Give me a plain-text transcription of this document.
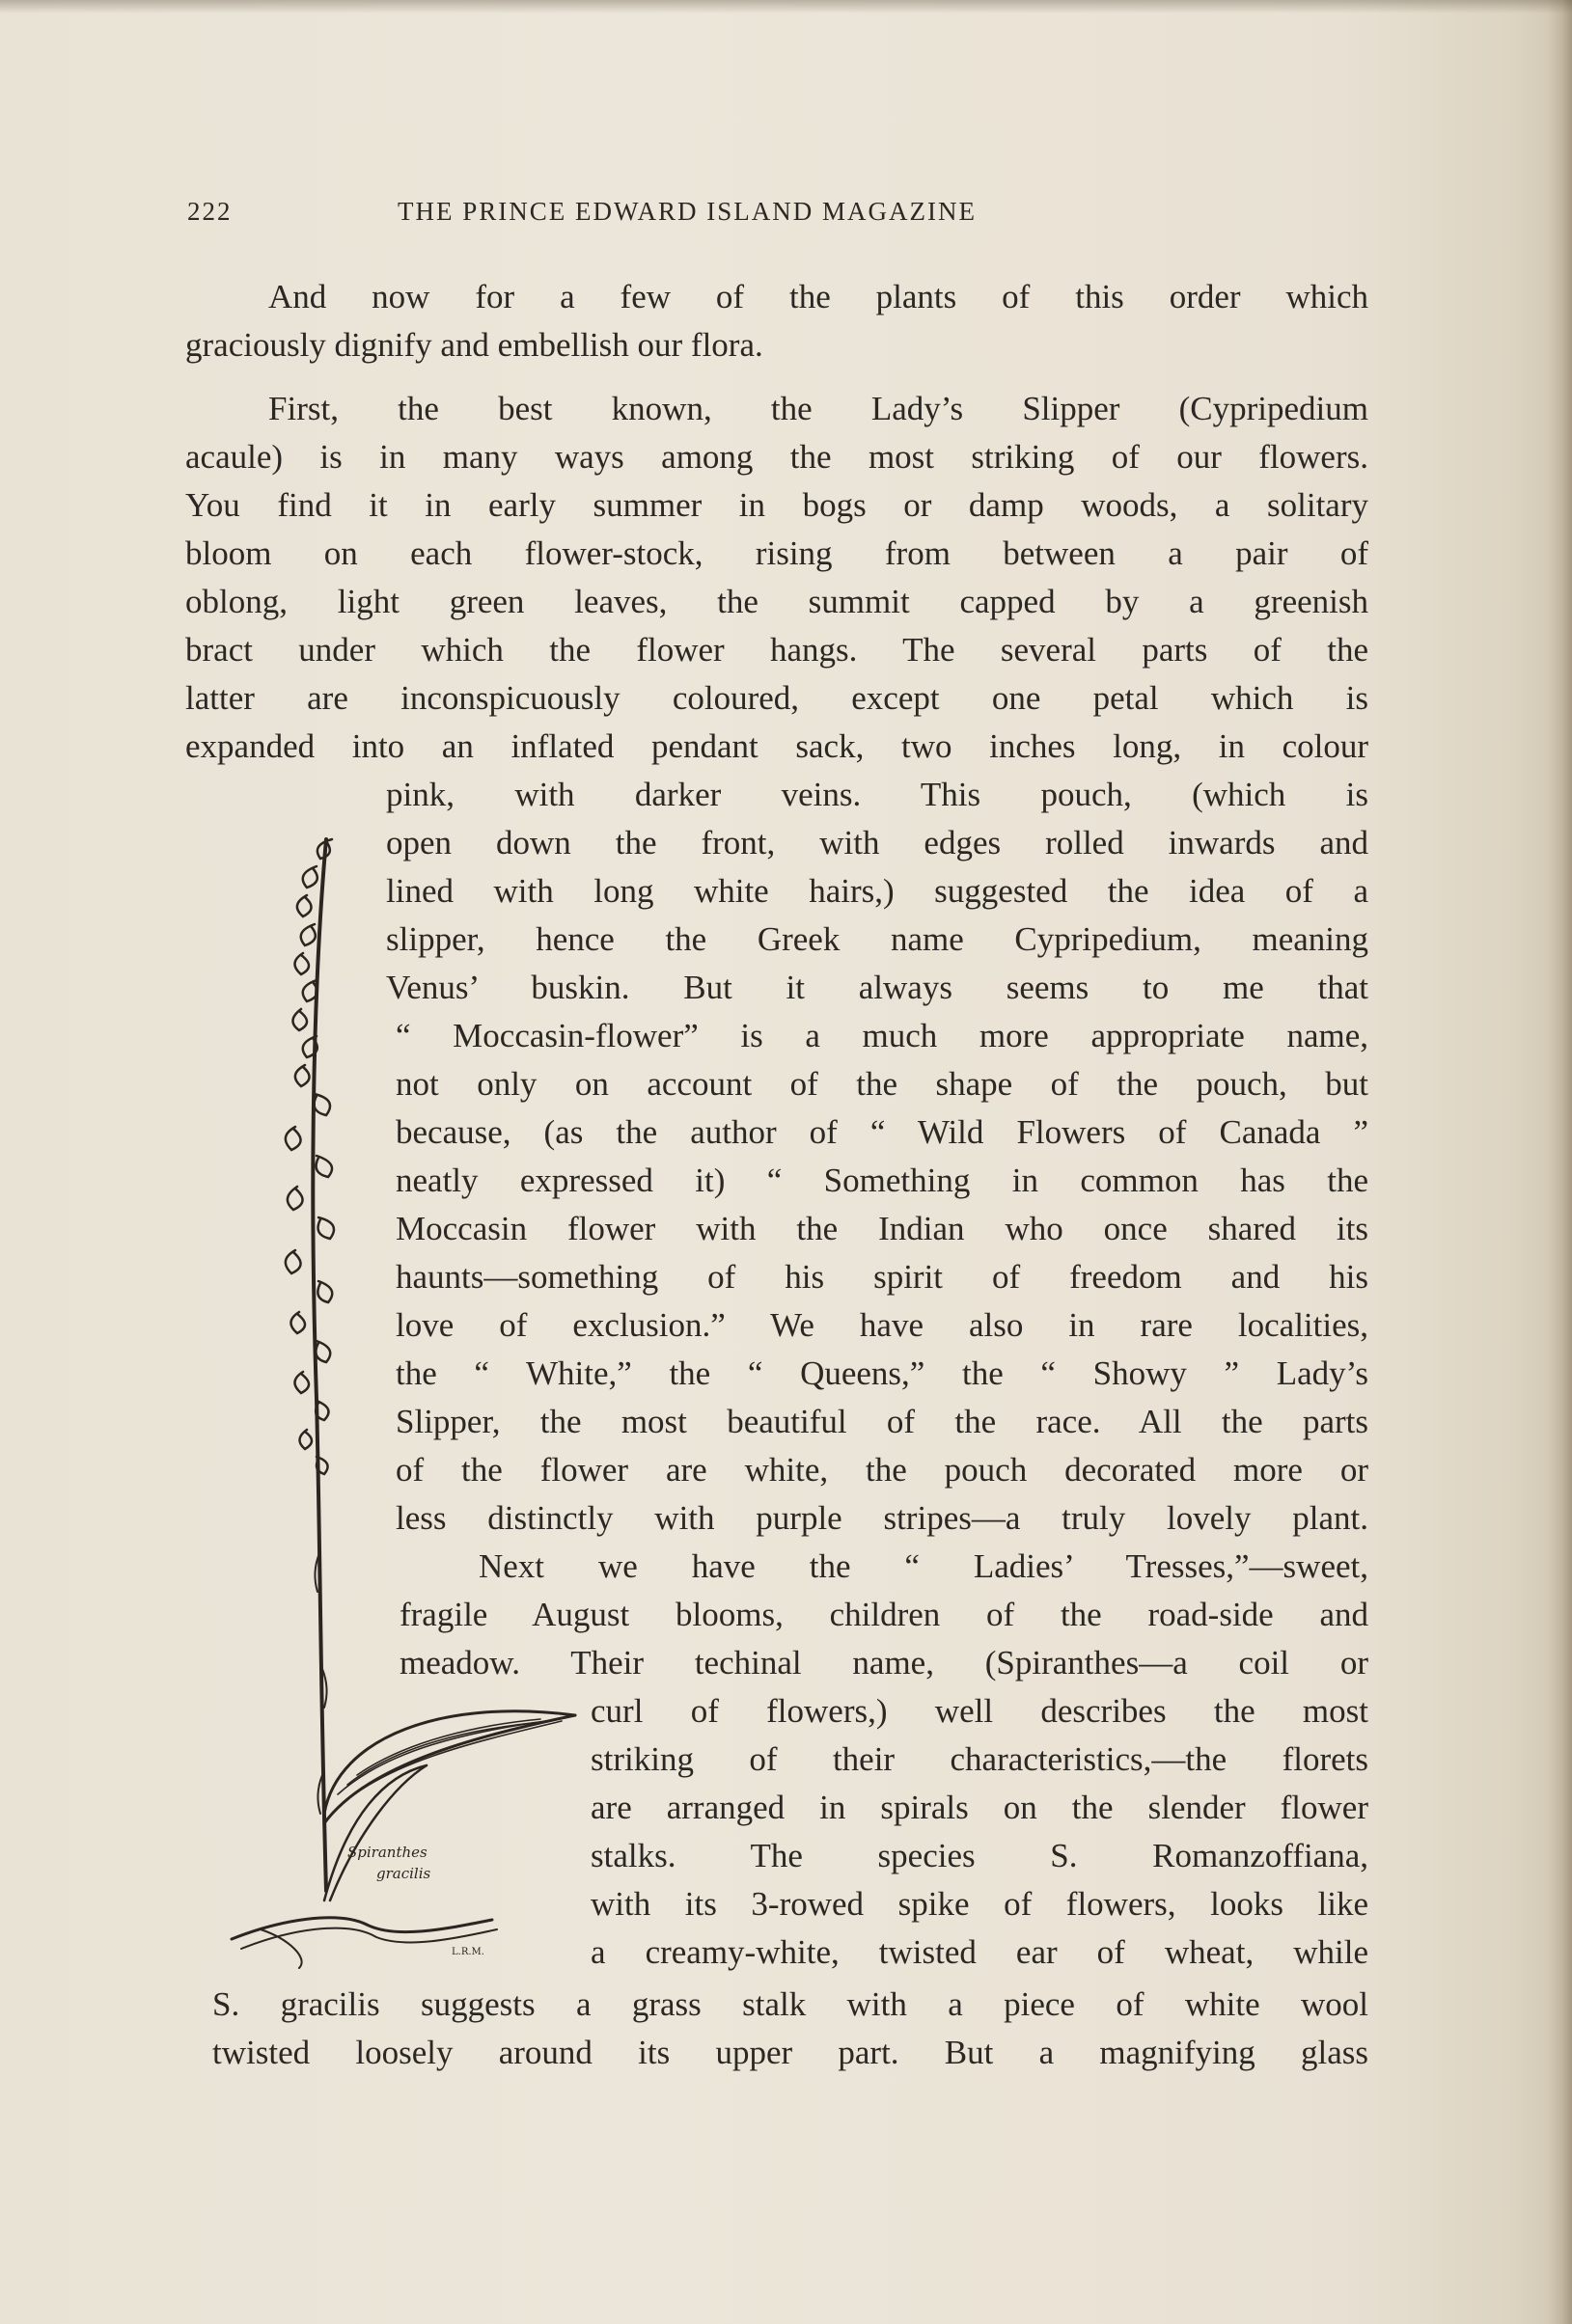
222	THE PRINCE EDWARD ISLAND MAGAZINE
Spiranthes
gracilis
L.R.M.
And now for a few of the plants of this order which
graciously dignify and embellish our flora.
First, the best known, the Lady’s Slipper (Cypripedium
acaule) is in many ways among the most striking of our flowers.
You find it in early summer in bogs or damp woods, a solitary
bloom on each flower-stock, rising from between a pair of
oblong, light green leaves, the summit capped by a greenish
bract under which the flower hangs. The several parts of the
latter are inconspicuously coloured, except one petal which is
expanded into an inflated pendant sack, two inches long, in colour
pink, with darker veins. This pouch, (which is
open down the front, with edges rolled inwards and
lined with long white hairs,) suggested the idea of a
slipper, hence the Greek name Cypripedium, meaning
Venus’ buskin. But it always seems to me that
“ Moccasin-flower” is a much more appropriate name,
not only on account of the shape of the pouch, but
because, (as the author of “ Wild Flowers of Canada ”
neatly expressed it) “ Something in common has the
Moccasin flower with the Indian who once shared its
haunts—something of his spirit of freedom and his
love of exclusion.” We have also in rare localities,
the “ White,” the “ Queens,” the “ Showy ” Lady’s
Slipper, the most beautiful of the race. All the parts
of the flower are white, the pouch decorated more or
less distinctly with purple stripes—a truly lovely plant.
Next we have the “ Ladies’ Tresses,”—sweet,
fragile August blooms, children of the road-side and
meadow. Their techinal name, (Spiranthes—a coil or
curl of flowers,) well describes the most
striking of their characteristics,—the florets
are arranged in spirals on the slender flower
stalks. The species S. Romanzoffiana,
with its 3-rowed spike of flowers, looks like
a creamy-white, twisted ear of wheat, while
S. gracilis suggests a grass stalk with a piece of white wool
twisted loosely around its upper part. But a magnifying glass
